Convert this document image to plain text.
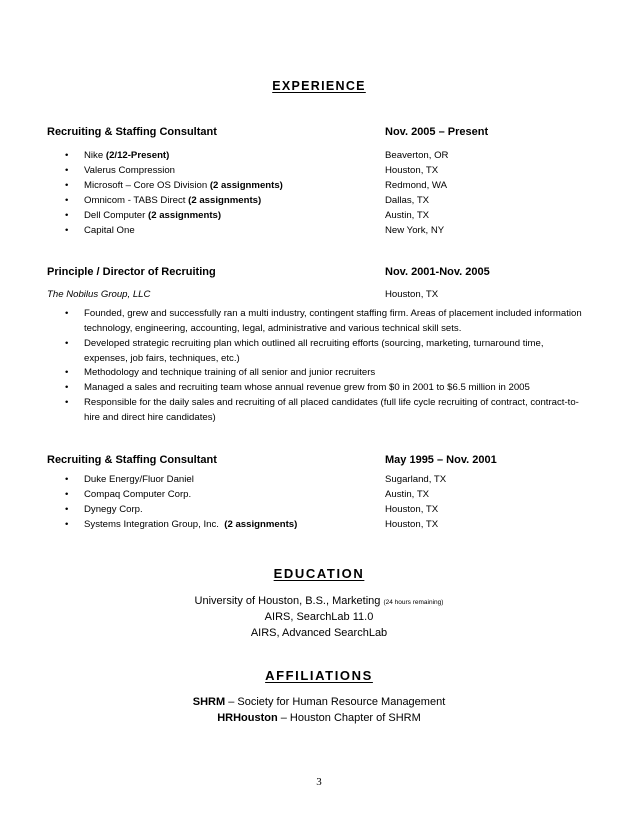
EXPERIENCE
Recruiting & Staffing Consultant	Nov. 2005 – Present
• Nike (2/12-Present)	Beaverton, OR
• Valerus Compression	Houston, TX
• Microsoft – Core OS Division (2 assignments)	Redmond, WA
• Omnicom - TABS Direct (2 assignments)	Dallas, TX
• Dell Computer (2 assignments)	Austin, TX
• Capital One	New York, NY
Principle / Director of Recruiting	Nov. 2001-Nov. 2005
The Nobilus Group, LLC	Houston, TX
• Founded, grew and successfully ran a multi industry, contingent staffing firm. Areas of placement included information technology, engineering, accounting, legal, administrative and various technical skill sets.
• Developed strategic recruiting plan which outlined all recruiting efforts (sourcing, marketing, turnaround time, expenses, job fairs, techniques, etc.)
• Methodology and technique training of all senior and junior recruiters
• Managed a sales and recruiting team whose annual revenue grew from $0 in 2001 to $6.5 million in 2005
• Responsible for the daily sales and recruiting of all placed candidates (full life cycle recruiting of contract, contract-to-hire and direct hire candidates)
Recruiting & Staffing Consultant	May 1995 – Nov. 2001
• Duke Energy/Fluor Daniel	Sugarland, TX
• Compaq Computer Corp.	Austin, TX
• Dynegy Corp.	Houston, TX
• Systems Integration Group, Inc. (2 assignments)	Houston, TX
EDUCATION
University of Houston, B.S., Marketing (24 hours remaining)
AIRS, SearchLab 11.0
AIRS, Advanced SearchLab
AFFILIATIONS
SHRM – Society for Human Resource Management
HRHouston – Houston Chapter of SHRM
3
